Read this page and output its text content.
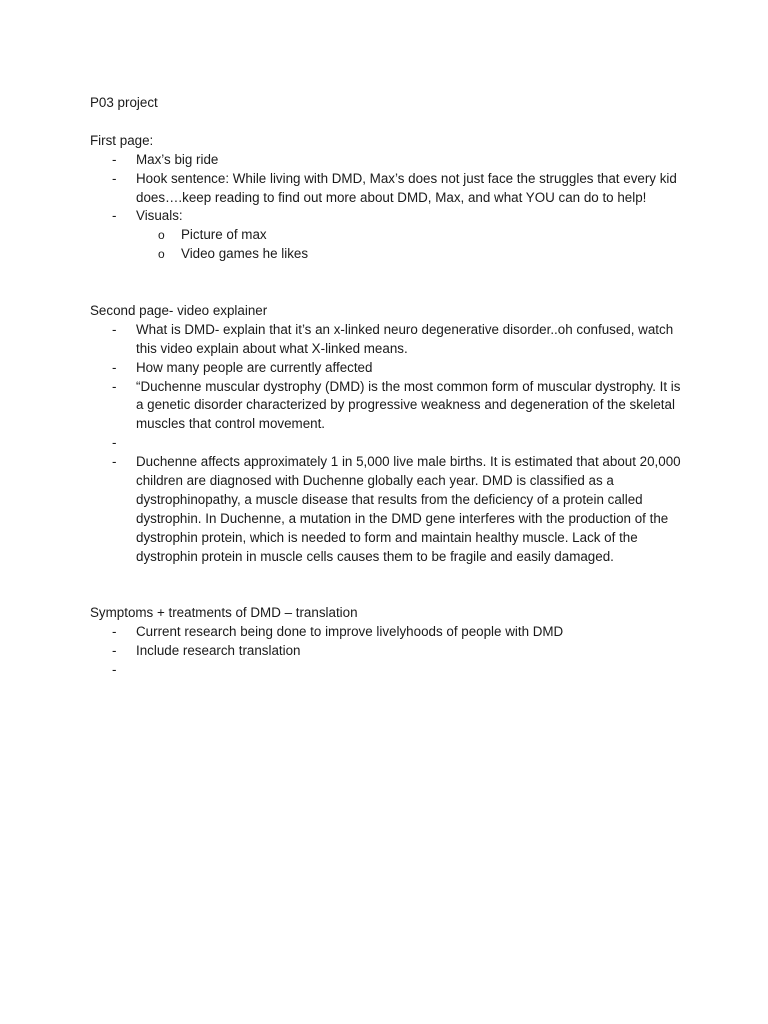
P03 project

First page:

- Max’s big ride
- Hook sentence: While living with DMD, Max’s does not just face the struggles that every kid does….keep reading to find out more about DMD, Max, and what YOU can do to help!
- Visuals:
o Picture of max
o Video games he likes

Second page- video explainer

- What is DMD- explain that it’s an x-linked neuro degenerative disorder..oh confused, watch this video explain about what X-linked means.
- How many people are currently affected
- “Duchenne muscular dystrophy (DMD) is the most common form of muscular dystrophy. It is a genetic disorder characterized by progressive weakness and degeneration of the skeletal muscles that control movement.
-
- Duchenne affects approximately 1 in 5,000 live male births. It is estimated that about 20,000 children are diagnosed with Duchenne globally each year. DMD is classified as a dystrophinopathy, a muscle disease that results from the deficiency of a protein called dystrophin. In Duchenne, a mutation in the DMD gene interferes with the production of the dystrophin protein, which is needed to form and maintain healthy muscle. Lack of the dystrophin protein in muscle cells causes them to be fragile and easily damaged.

Symptoms + treatments of DMD – translation

- Current research being done to improve livelyhoods of people with DMD
- Include research translation
-
